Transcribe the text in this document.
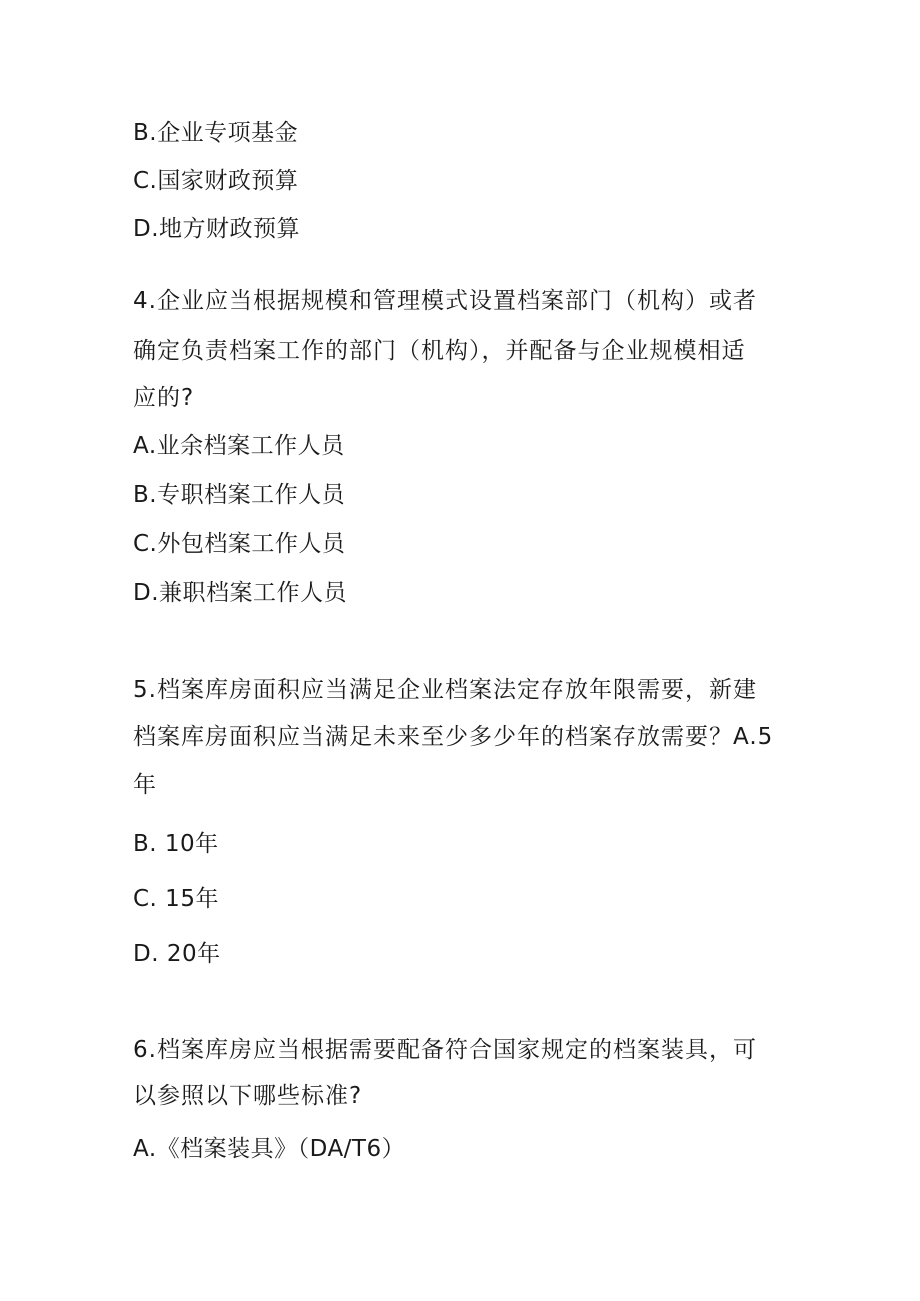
B.企业专项基金
C.国家财政预算
D.地方财政预算
4.企业应当根据规模和管理模式设置档案部门（机构）或者
确定负责档案工作的部门（机构），并配备与企业规模相适
应的?
A.业余档案工作人员
B.专职档案工作人员
C.外包档案工作人员
D.兼职档案工作人员
5.档案库房面积应当满足企业档案法定存放年限需要，新建
档案库房面积应当满足未来至少多少年的档案存放需要？A.5
年
B. 10年
C. 15年
D. 20年
6.档案库房应当根据需要配备符合国家规定的档案装具，可
以参照以下哪些标准?
A.《档案装具》（DA/T6）
